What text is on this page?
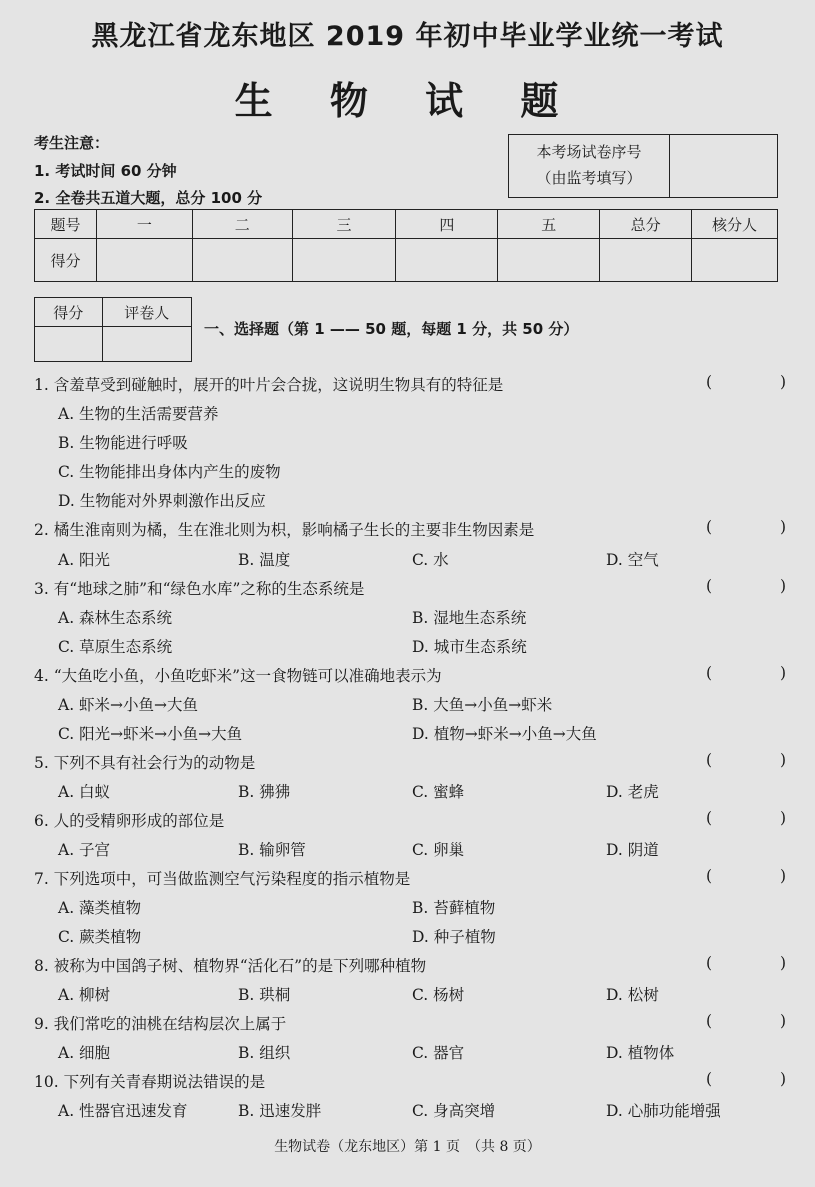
黑龙江省龙东地区 2019 年初中毕业学业统一考试
生 物 试 题
考生注意：
1. 考试时间 60 分钟
2. 全卷共五道大题，总分 100 分
本考场试卷序号
（由监考填写）
题号	一	二	三	四	五	总分	核分人
得分							
得分	评卷人

一、选择题（第 1 —— 50 题，每题 1 分，共 50 分）
1. 含羞草受到碰触时，展开的叶片会合拢，这说明生物具有的特征是	(	)
A. 生物的生活需要营养
B. 生物能进行呼吸
C. 生物能排出身体内产生的废物
D. 生物能对外界刺激作出反应
2. 橘生淮南则为橘，生在淮北则为枳，影响橘子生长的主要非生物因素是	(	)
A. 阳光	B. 温度	C. 水	D. 空气
3. 有“地球之肺”和“绿色水库”之称的生态系统是	(	)
A. 森林生态系统	B. 湿地生态系统
C. 草原生态系统	D. 城市生态系统
4. “大鱼吃小鱼，小鱼吃虾米”这一食物链可以准确地表示为	(	)
A. 虾米→小鱼→大鱼	B. 大鱼→小鱼→虾米
C. 阳光→虾米→小鱼→大鱼	D. 植物→虾米→小鱼→大鱼
5. 下列不具有社会行为的动物是	(	)
A. 白蚁	B. 狒狒	C. 蜜蜂	D. 老虎
6. 人的受精卵形成的部位是	(	)
A. 子宫	B. 输卵管	C. 卵巢	D. 阴道
7. 下列选项中，可当做监测空气污染程度的指示植物是	(	)
A. 藻类植物	B. 苔藓植物
C. 蕨类植物	D. 种子植物
8. 被称为中国鸽子树、植物界“活化石”的是下列哪种植物	(	)
A. 柳树	B. 珙桐	C. 杨树	D. 松树
9. 我们常吃的油桃在结构层次上属于	(	)
A. 细胞	B. 组织	C. 器官	D. 植物体
10. 下列有关青春期说法错误的是	(	)
A. 性器官迅速发育	B. 迅速发胖	C. 身高突增	D. 心肺功能增强
生物试卷（龙东地区）第 1 页　（共 8 页）
